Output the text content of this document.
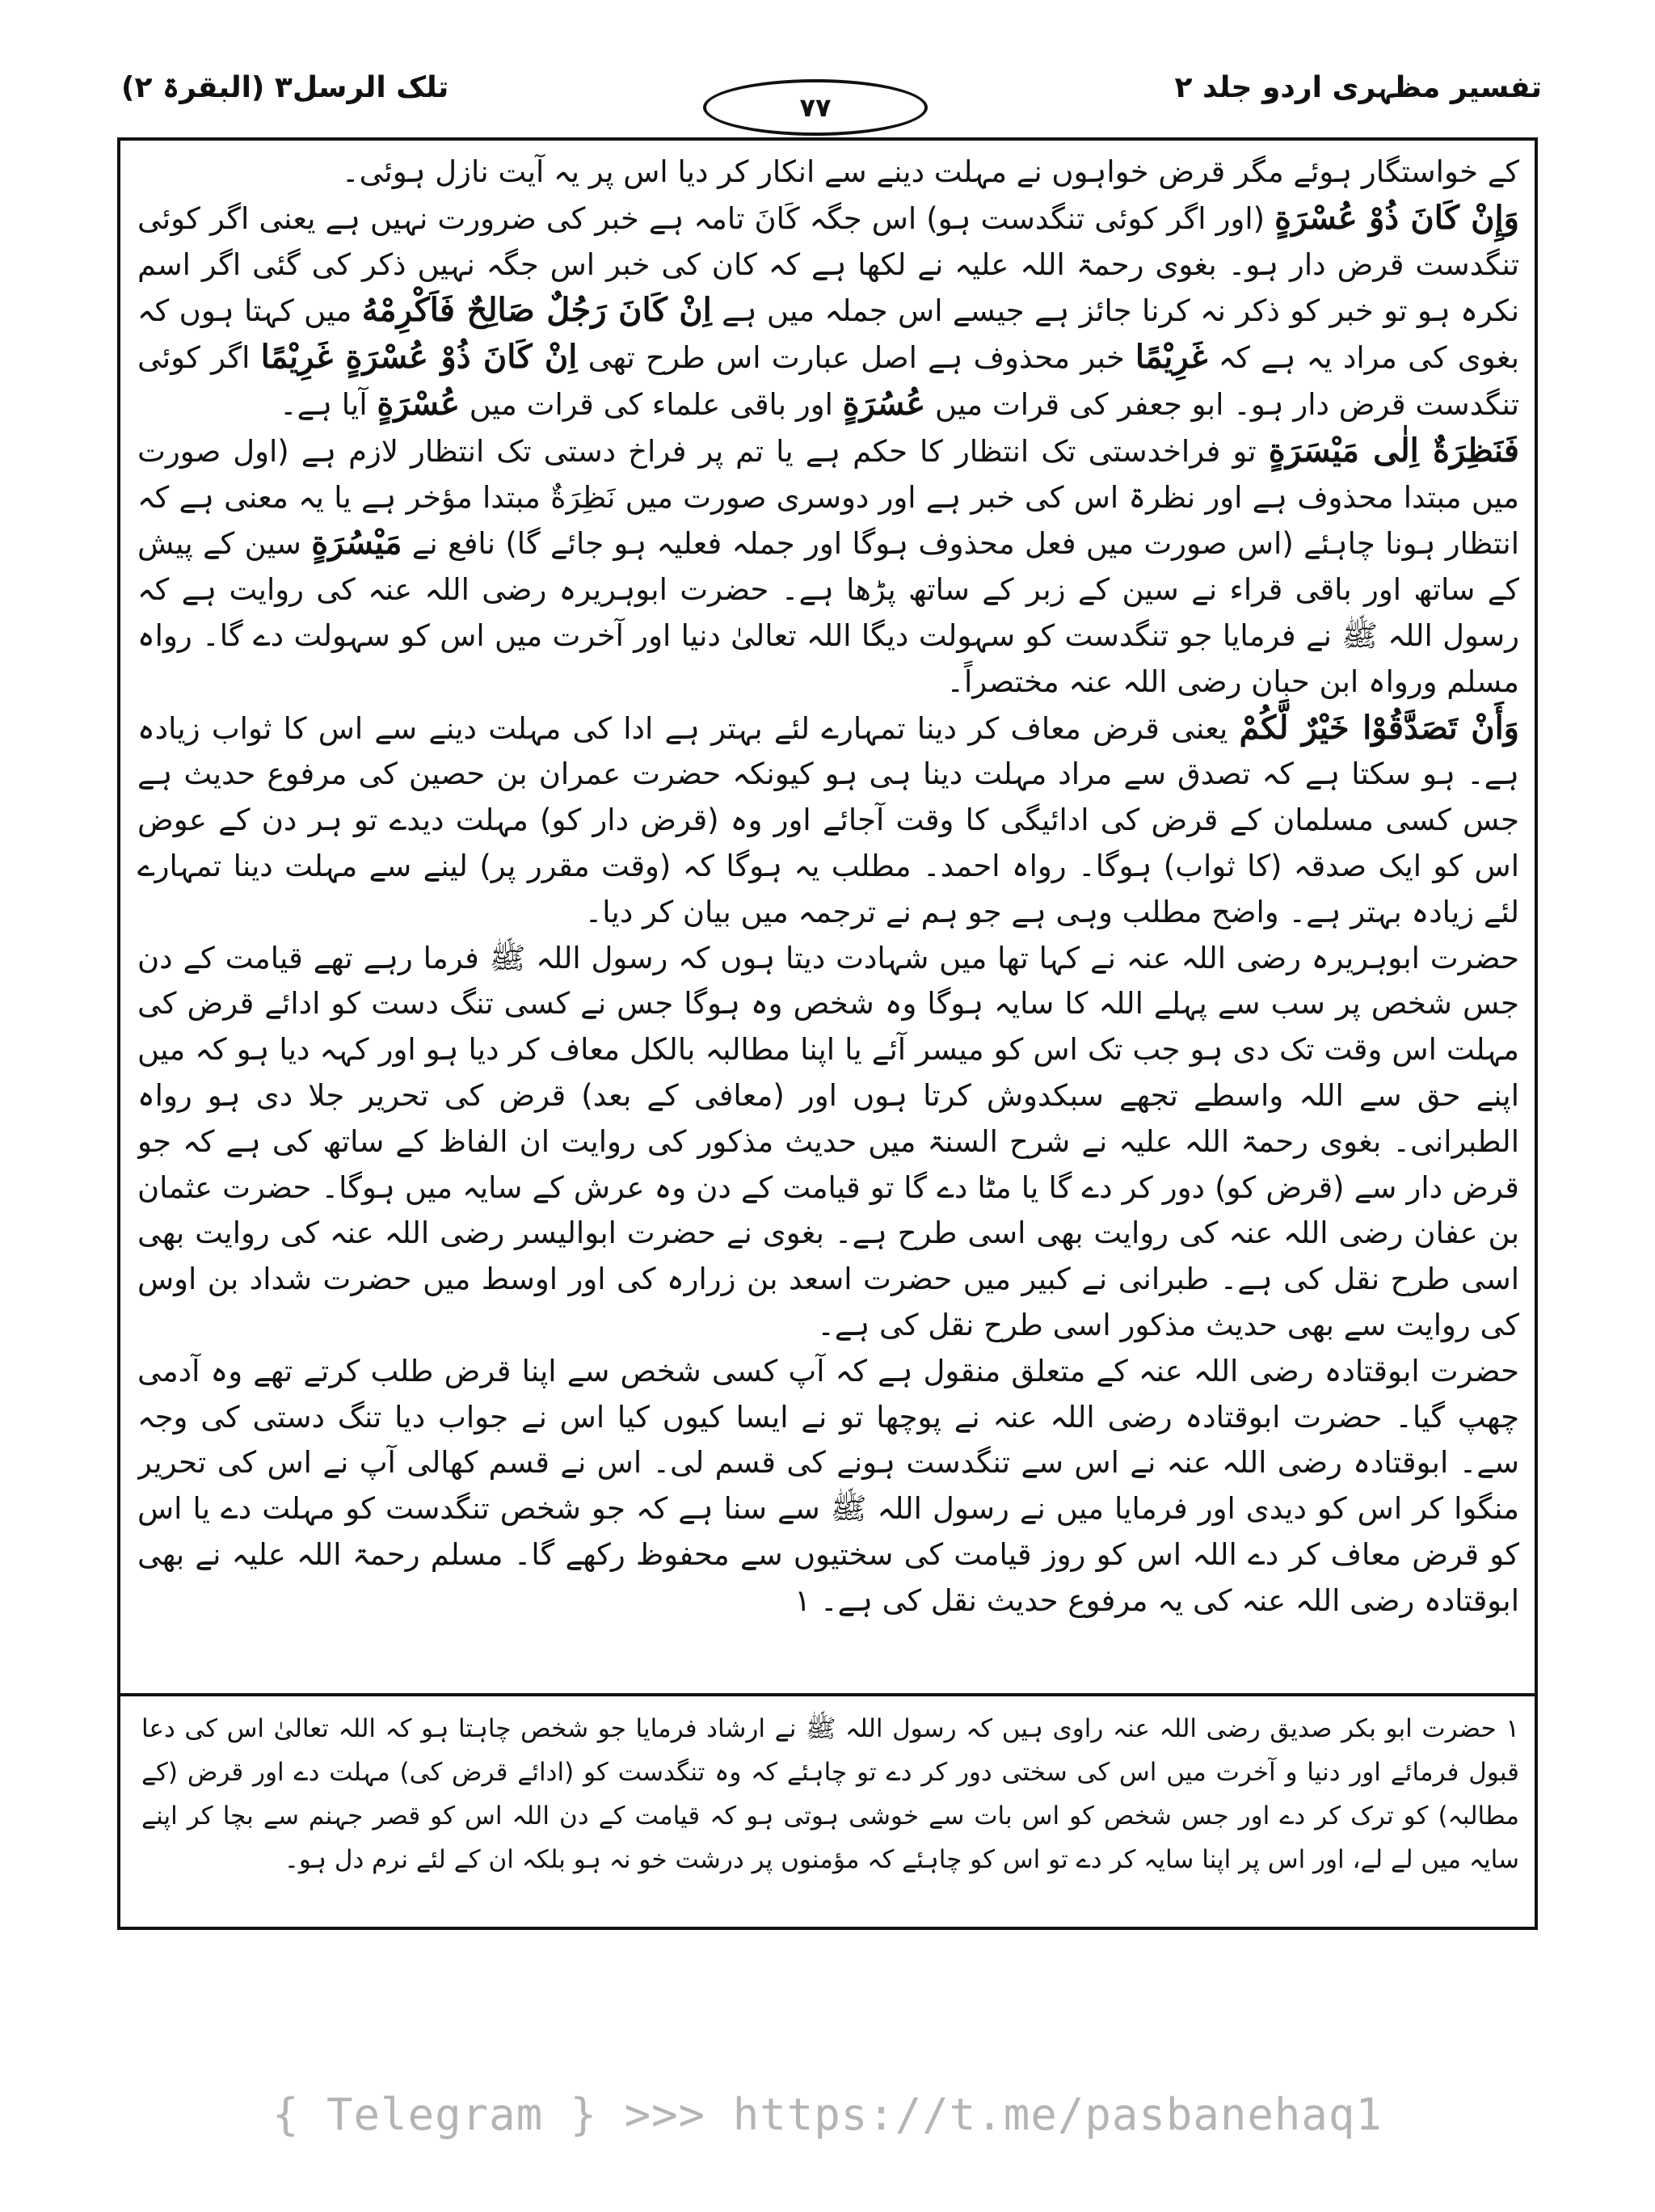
تفسیر مظہری اردو جلد ۲
۷۷
تلک الرسل۳ (البقرۃ ۲)

کے خواستگار ہوئے مگر قرض خواہوں نے مہلت دینے سے انکار کر دیا اس پر یہ آیت نازل ہوئی۔

وَإِنْ كَانَ ذُوْ عُسْرَةٍ (اور اگر کوئی تنگدست ہو) اس جگہ کَانَ تامہ ہے خبر کی ضرورت نہیں ہے یعنی اگر کوئی تنگدست قرض دار ہو۔ بغوی رحمۃ اللہ علیہ نے لکھا ہے کہ کان کی خبر اس جگہ نہیں ذکر کی گئی اگر اسم نکرہ ہو تو خبر کو ذکر نہ کرنا جائز ہے جیسے اس جملہ میں ہے اِنْ كَانَ رَجُلٌ صَالِحٌ فَاَكْرِمْهُ میں کہتا ہوں کہ بغوی کی مراد یہ ہے کہ غَرِيْمًا خبر محذوف ہے اصل عبارت اس طرح تھی اِنْ كَانَ ذُوْ عُسْرَةٍ غَرِيْمًا اگر کوئی تنگدست قرض دار ہو۔ ابو جعفر کی قرات میں عُسُرَةٍ اور باقی علماء کی قرات میں عُسْرَةٍ آیا ہے۔

فَنَظِرَةٌ اِلٰى مَيْسَرَةٍ تو فراخدستی تک انتظار کا حکم ہے یا تم پر فراخ دستی تک انتظار لازم ہے (اول صورت میں مبتدا محذوف ہے اور نظرۃ اس کی خبر ہے اور دوسری صورت میں نَظِرَةٌ مبتدا مؤخر ہے یا یہ معنی ہے کہ انتظار ہونا چاہئے (اس صورت میں فعل محذوف ہوگا اور جملہ فعلیہ ہو جائے گا) نافع نے مَيْسُرَةٍ سین کے پیش کے ساتھ اور باقی قراء نے سین کے زبر کے ساتھ پڑھا ہے۔ حضرت ابوہریرہ رضی اللہ عنہ کی روایت ہے کہ رسول اللہ ﷺ نے فرمایا جو تنگدست کو سہولت دیگا اللہ تعالیٰ دنیا اور آخرت میں اس کو سہولت دے گا۔ رواہ مسلم ورواہ ابن حبان رضی اللہ عنہ مختصراً۔

وَأَنْ تَصَدَّقُوْا خَيْرٌ لَّكُمْ یعنی قرض معاف کر دینا تمہارے لئے بہتر ہے ادا کی مہلت دینے سے اس کا ثواب زیادہ ہے۔ ہو سکتا ہے کہ تصدق سے مراد مہلت دینا ہی ہو کیونکہ حضرت عمران بن حصین کی مرفوع حدیث ہے جس کسی مسلمان کے قرض کی ادائیگی کا وقت آجائے اور وہ (قرض دار کو) مہلت دیدے تو ہر دن کے عوض اس کو ایک صدقہ (کا ثواب) ہوگا۔ رواہ احمد۔ مطلب یہ ہوگا کہ (وقت مقرر پر) لینے سے مہلت دینا تمہارے لئے زیادہ بہتر ہے۔ واضح مطلب وہی ہے جو ہم نے ترجمہ میں بیان کر دیا۔

حضرت ابوہریرہ رضی اللہ عنہ نے کہا تھا میں شہادت دیتا ہوں کہ رسول اللہ ﷺ فرما رہے تھے قیامت کے دن جس شخص پر سب سے پہلے اللہ کا سایہ ہوگا وہ شخص وہ ہوگا جس نے کسی تنگ دست کو ادائے قرض کی مہلت اس وقت تک دی ہو جب تک اس کو میسر آئے یا اپنا مطالبہ بالکل معاف کر دیا ہو اور کہہ دیا ہو کہ میں اپنے حق سے اللہ واسطے تجھے سبکدوش کرتا ہوں اور (معافی کے بعد) قرض کی تحریر جلا دی ہو رواہ الطبرانی۔ بغوی رحمۃ اللہ علیہ نے شرح السنۃ میں حدیث مذکور کی روایت ان الفاظ کے ساتھ کی ہے کہ جو قرض دار سے (قرض کو) دور کر دے گا یا مٹا دے گا تو قیامت کے دن وہ عرش کے سایہ میں ہوگا۔ حضرت عثمان بن عفان رضی اللہ عنہ کی روایت بھی اسی طرح ہے۔ بغوی نے حضرت ابوالیسر رضی اللہ عنہ کی روایت بھی اسی طرح نقل کی ہے۔ طبرانی نے کبیر میں حضرت اسعد بن زرارہ کی اور اوسط میں حضرت شداد بن اوس کی روایت سے بھی حدیث مذکور اسی طرح نقل کی ہے۔

حضرت ابوقتادہ رضی اللہ عنہ کے متعلق منقول ہے کہ آپ کسی شخص سے اپنا قرض طلب کرتے تھے وہ آدمی چھپ گیا۔ حضرت ابوقتادہ رضی اللہ عنہ نے پوچھا تو نے ایسا کیوں کیا اس نے جواب دیا تنگ دستی کی وجہ سے۔ ابوقتادہ رضی اللہ عنہ نے اس سے تنگدست ہونے کی قسم لی۔ اس نے قسم کھالی آپ نے اس کی تحریر منگوا کر اس کو دیدی اور فرمایا میں نے رسول اللہ ﷺ سے سنا ہے کہ جو شخص تنگدست کو مہلت دے یا اس کو قرض معاف کر دے اللہ اس کو روز قیامت کی سختیوں سے محفوظ رکھے گا۔ مسلم رحمۃ اللہ علیہ نے بھی ابوقتادہ رضی اللہ عنہ کی یہ مرفوع حدیث نقل کی ہے۔ ۱

۱ حضرت ابو بکر صدیق رضی اللہ عنہ راوی ہیں کہ رسول اللہ ﷺ نے ارشاد فرمایا جو شخص چاہتا ہو کہ اللہ تعالیٰ اس کی دعا قبول فرمائے اور دنیا و آخرت میں اس کی سختی دور کر دے تو چاہئے کہ وہ تنگدست کو (ادائے قرض کی) مہلت دے اور قرض (کے مطالبہ) کو ترک کر دے اور جس شخص کو اس بات سے خوشی ہوتی ہو کہ قیامت کے دن اللہ اس کو قصر جہنم سے بچا کر اپنے سایہ میں لے لے، اور اس پر اپنا سایہ کر دے تو اس کو چاہئے کہ مؤمنوں پر درشت خو نہ ہو بلکہ ان کے لئے نرم دل ہو۔

{ Telegram } >>> https://t.me/pasbanehaq1
